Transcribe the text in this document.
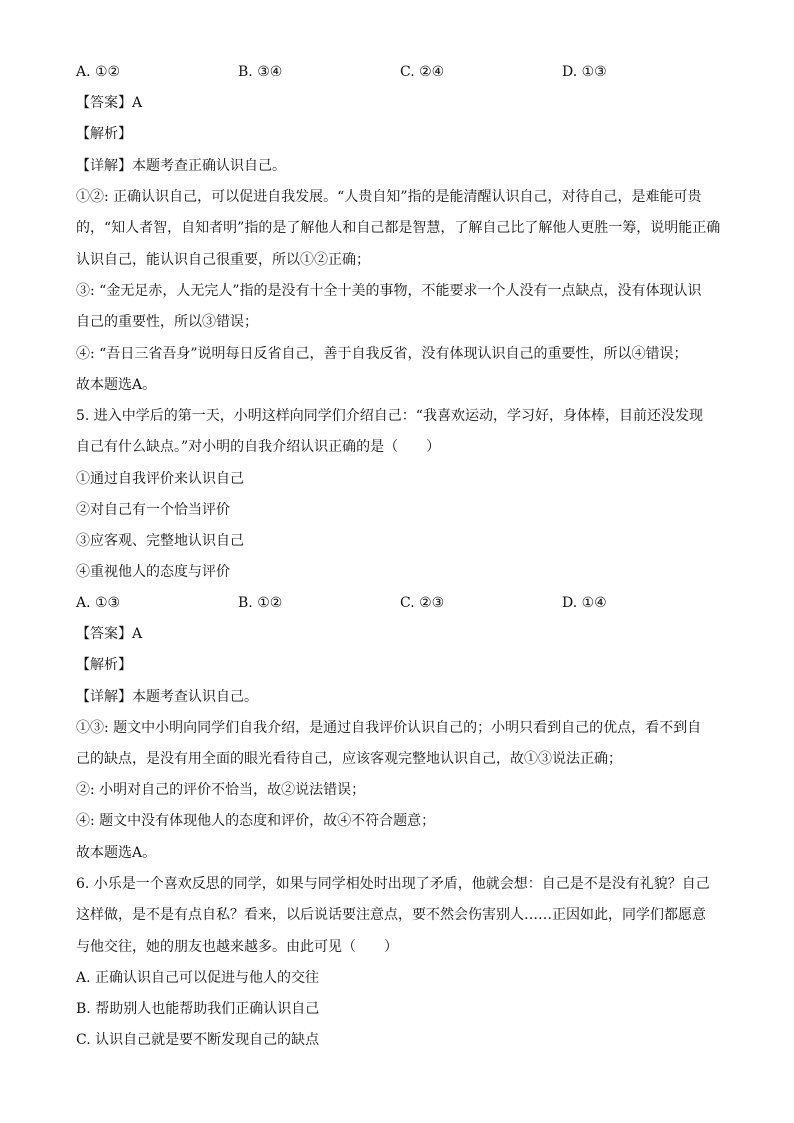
A. ①②	B. ③④	C. ②④	D. ①③
【答案】A
【解析】
【详解】本题考查正确认识自己。
①②: 正确认识自己，可以促进自我发展。“人贵自知”指的是能清醒认识自己，对待自己，是难能可贵
的，“知人者智，自知者明”指的是了解他人和自己都是智慧，了解自己比了解他人更胜一筹，说明能正确
认识自己，能认识自己很重要，所以①②正确；
③: “金无足赤，人无完人”指的是没有十全十美的事物，不能要求一个人没有一点缺点，没有体现认识
自己的重要性，所以③错误；
④: “吾日三省吾身”说明每日反省自己，善于自我反省，没有体现认识自己的重要性，所以④错误；
故本题选A。
5. 进入中学后的第一天，小明这样向同学们介绍自己：“我喜欢运动，学习好，身体棒，目前还没发现
自己有什么缺点。”对小明的自我介绍认识正确的是（　　）
①通过自我评价来认识自己
②对自己有一个恰当评价
③应客观、完整地认识自己
④重视他人的态度与评价
A. ①③	B. ①②	C. ②③	D. ①④
【答案】A
【解析】
【详解】本题考查认识自己。
①③: 题文中小明向同学们自我介绍，是通过自我评价认识自己的；小明只看到自己的优点，看不到自
己的缺点，是没有用全面的眼光看待自己，应该客观完整地认识自己，故①③说法正确；
②: 小明对自己的评价不恰当，故②说法错误；
④: 题文中没有体现他人的态度和评价，故④不符合题意；
故本题选A。
6. 小乐是一个喜欢反思的同学，如果与同学相处时出现了矛盾，他就会想：自己是不是没有礼貌？自己
这样做，是不是有点自私？看来，以后说话要注意点，要不然会伤害别人……正因如此，同学们都愿意
与他交往，她的朋友也越来越多。由此可见（　　）
A. 正确认识自己可以促进与他人的交往
B. 帮助别人也能帮助我们正确认识自己
C. 认识自己就是要不断发现自己的缺点
